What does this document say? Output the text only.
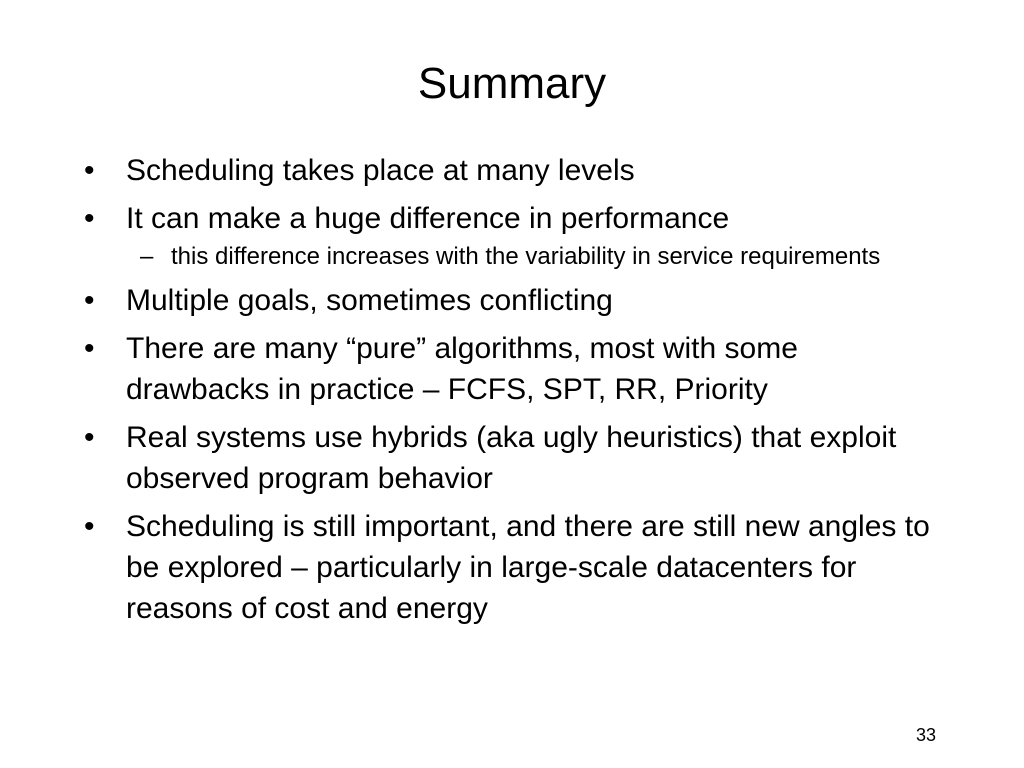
Summary
•	Scheduling takes place at many levels
•	It can make a huge difference in performance
– this difference increases with the variability in service requirements
•	Multiple goals, sometimes conflicting
•	There are many “pure” algorithms, most with some drawbacks in practice – FCFS, SPT, RR, Priority
•	Real systems use hybrids (aka ugly heuristics) that exploit observed program behavior
•	Scheduling is still important, and there are still new angles to be explored – particularly in large-scale datacenters for reasons of cost and energy
33
